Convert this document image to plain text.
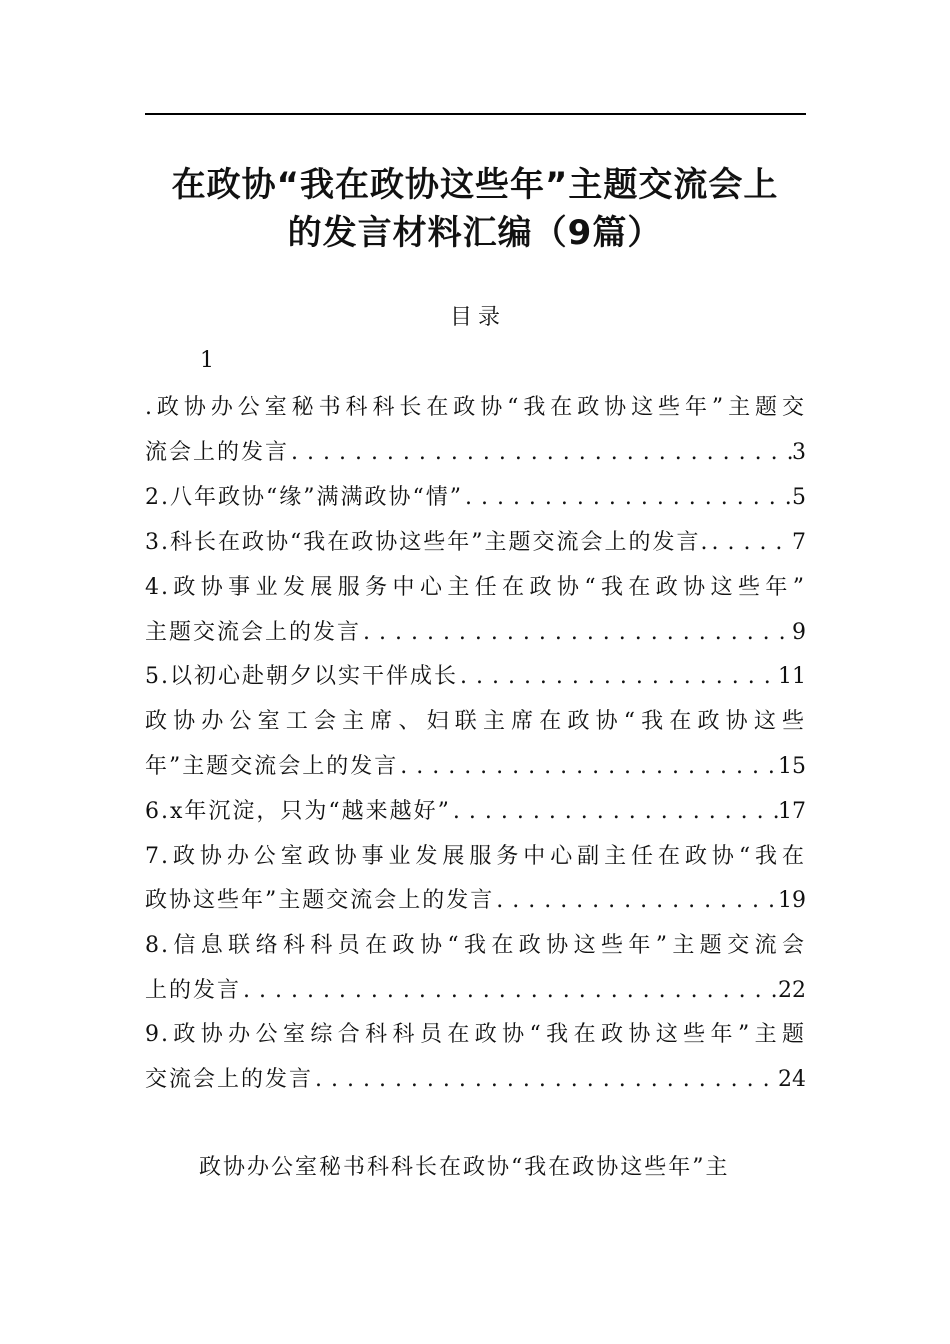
在政协“我在政协这些年”主题交流会上
的发言材料汇编（9篇）
目录
1
.政协办公室秘书科科长在政协“我在政协这些年”主题交
流会上的发言 . . .	3
2.八年政协“缘”满满政协“情” . . .	5
3.科长在政协“我在政协这些年”主题交流会上的发言. . . .	7
4.政协事业发展服务中心主任在政协“我在政协这些年”
主题交流会上的发言 . . .	9
5.以初心赴朝夕以实干伴成长 . . .	11
政协办公室工会主席、妇联主席在政协“我在政协这些
年”主题交流会上的发言 . . .	15
6.x年沉淀，只为“越来越好” . . .	17
7.政协办公室政协事业发展服务中心副主任在政协“我在
政协这些年”主题交流会上的发言 . . .	19
8.信息联络科科员在政协“我在政协这些年”主题交流会
上的发言 . . .	22
9.政协办公室综合科科员在政协“我在政协这些年”主题
交流会上的发言 . . .	24
政协办公室秘书科科长在政协“我在政协这些年”主
